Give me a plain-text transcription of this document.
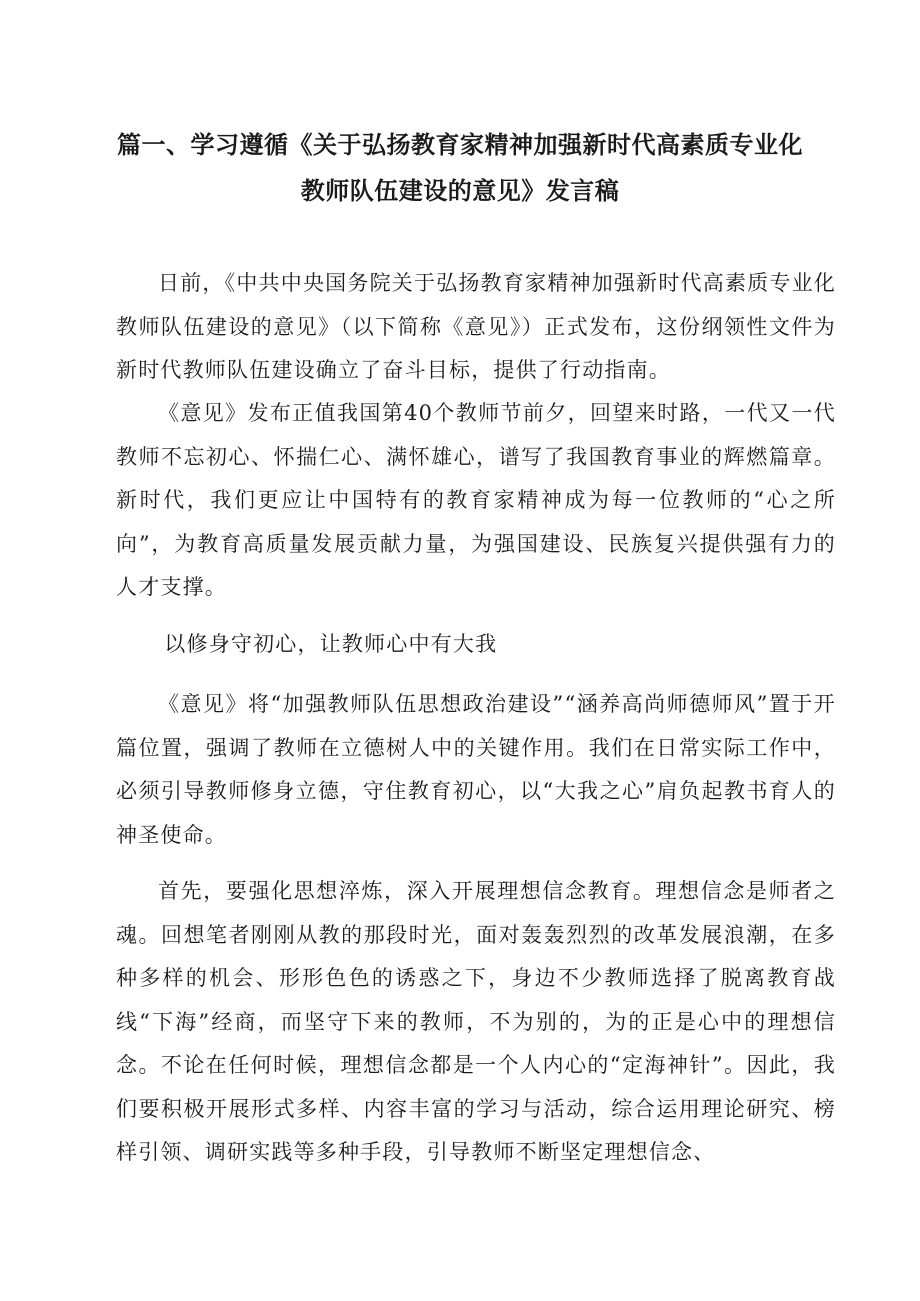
篇一、学习遵循《关于弘扬教育家精神加强新时代高素质专业化
教师队伍建设的意见》发言稿
日前，《中共中央国务院关于弘扬教育家精神加强新时代高素质专业化教师队伍建设的意见》（以下简称《意见》）正式发布，这份纲领性文件为新时代教师队伍建设确立了奋斗目标，提供了行动指南。
《意见》发布正值我国第40个教师节前夕，回望来时路，一代又一代教师不忘初心、怀揣仁心、满怀雄心，谱写了我国教育事业的辉燃篇章。新时代，我们更应让中国特有的教育家精神成为每一位教师的“心之所向”，为教育高质量发展贡献力量，为强国建设、民族复兴提供强有力的人才支撑。
以修身守初心，让教师心中有大我
《意见》将“加强教师队伍思想政治建设”“涵养高尚师德师风”置于开篇位置，强调了教师在立德树人中的关键作用。我们在日常实际工作中，必须引导教师修身立德，守住教育初心，以“大我之心”肩负起教书育人的神圣使命。
首先，要强化思想淬炼，深入开展理想信念教育。理想信念是师者之魂。回想笔者刚刚从教的那段时光，面对轰轰烈烈的改革发展浪潮，在多种多样的机会、形形色色的诱惑之下，身边不少教师选择了脱离教育战线“下海”经商，而坚守下来的教师，不为别的，为的正是心中的理想信念。不论在任何时候，理想信念都是一个人内心的“定海神针”。因此，我们要积极开展形式多样、内容丰富的学习与活动，综合运用理论研究、榜样引领、调研实践等多种手段，引导教师不断坚定理想信念、
